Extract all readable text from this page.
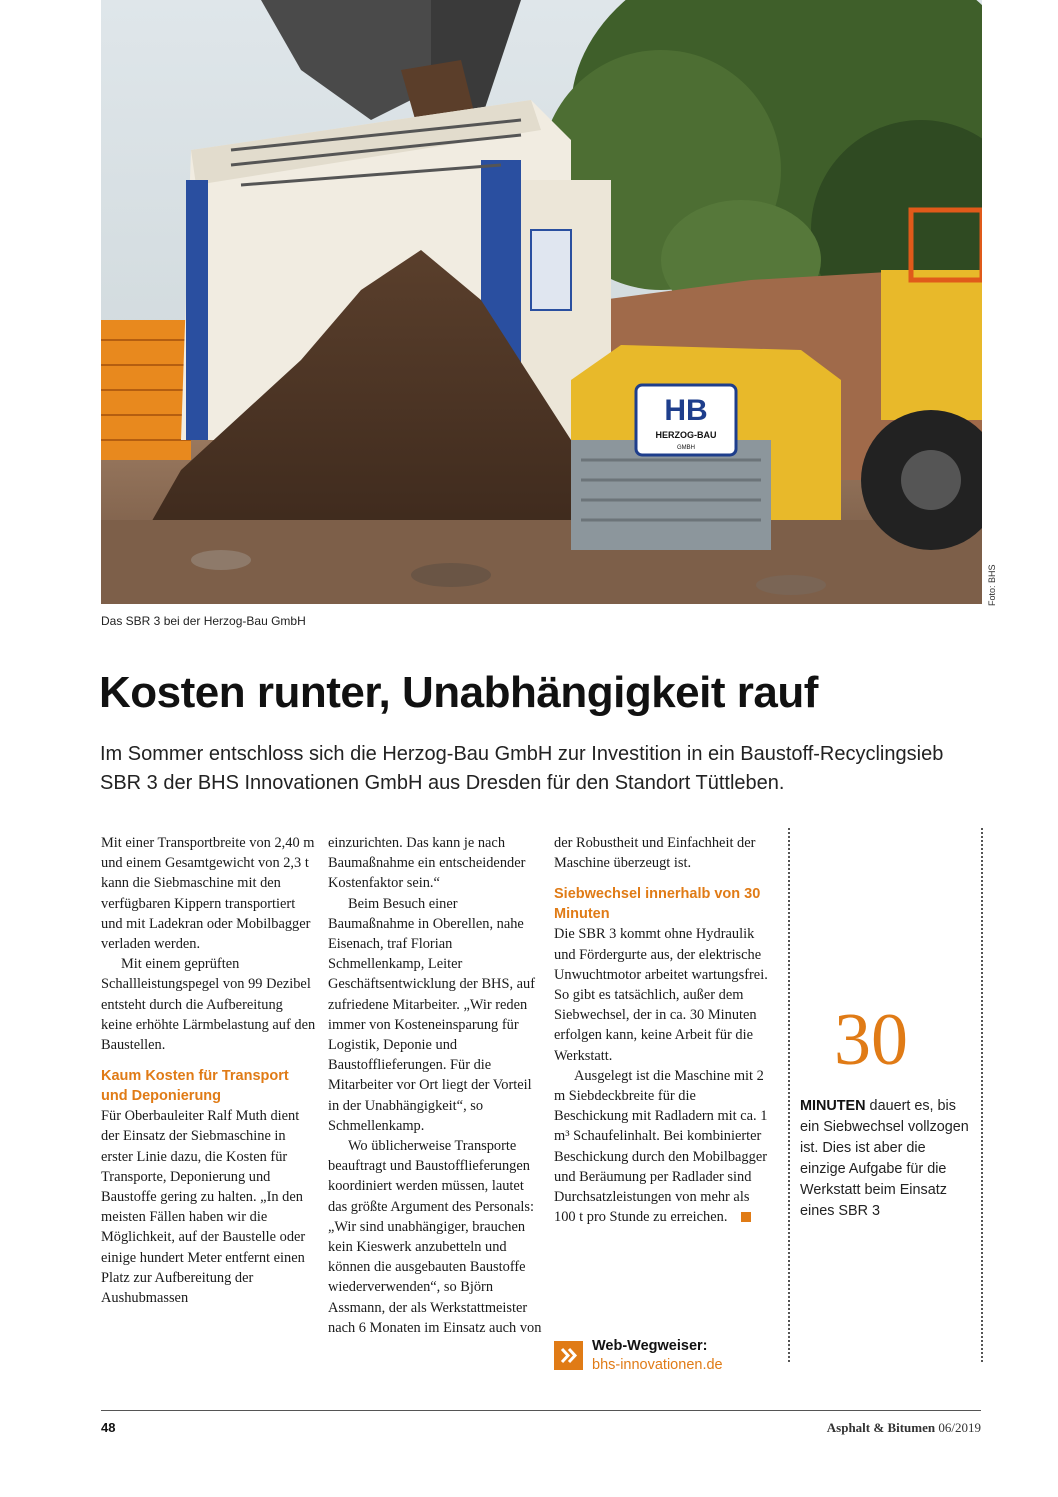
HB
HERZOG-BAU
GMBH
Foto: BHS
Das SBR 3 bei der Herzog-Bau GmbH
Kosten runter, Unabhängigkeit rauf

Im Sommer entschloss sich die Herzog-Bau GmbH zur Investition in ein Baustoff-Recyclingsieb SBR 3 der BHS Innovationen GmbH aus Dresden für den Standort Tüttleben.

Mit einer Transportbreite von 2,40 m und einem Gesamtgewicht von 2,3 t kann die Siebmaschine mit den verfügbaren Kippern transportiert und mit Ladekran oder Mobilbagger verladen werden.

Mit einem geprüften Schallleistungspegel von 99 Dezibel entsteht durch die Aufbereitung keine erhöhte Lärmbelastung auf den Baustellen.

Kaum Kosten für Transport und Deponierung

Für Oberbauleiter Ralf Muth dient der Einsatz der Siebmaschine in erster Linie dazu, die Kosten für Transporte, Deponierung und Baustoffe gering zu halten. „In den meisten Fällen haben wir die Möglichkeit, auf der Baustelle oder einige hundert Meter entfernt einen Platz zur Aufbereitung der Aushubmassen

einzurichten. Das kann je nach Baumaßnahme ein entscheidender Kostenfaktor sein.“

Beim Besuch einer Baumaßnahme in Oberellen, nahe Eisenach, traf Florian Schmellenkamp, Leiter Geschäftsentwicklung der BHS, auf zufriedene Mitarbeiter. „Wir reden immer von Kosteneinsparung für Logistik, Deponie und Baustofflieferungen. Für die Mitarbeiter vor Ort liegt der Vorteil in der Unabhängigkeit“, so Schmellenkamp.

Wo üblicherweise Transporte beauftragt und Baustofflieferungen koordiniert werden müssen, lautet das größte Argument des Personals: „Wir sind unabhängiger, brauchen kein Kieswerk anzubetteln und können die ausgebauten Baustoffe wiederverwenden“, so Björn Assmann, der als Werkstattmeister nach 6 Monaten im Einsatz auch von

der Robustheit und Einfachheit der Maschine überzeugt ist.

Siebwechsel innerhalb von 30 Minuten

Die SBR 3 kommt ohne Hydraulik und Fördergurte aus, der elektrische Unwuchtmotor arbeitet wartungsfrei. So gibt es tatsächlich, außer dem Siebwechsel, der in ca. 30 Minuten erfolgen kann, keine Arbeit für die Werkstatt.

Ausgelegt ist die Maschine mit 2 m Siebdeckbreite für die Beschickung mit Radladern mit ca. 1 m³ Schaufelinhalt. Bei kombinierter Beschickung durch den Mobilbagger und Beräumung per Radlader sind Durchsatzleistungen von mehr als 100 t pro Stunde zu erreichen.

Web-Wegweiser:
bhs-innovationen.de
30
MINUTEN dauert es, bis ein Siebwechsel vollzogen ist. Dies ist aber die einzige Aufgabe für die Werkstatt beim Einsatz eines SBR 3
48	Asphalt & Bitumen 06/2019
